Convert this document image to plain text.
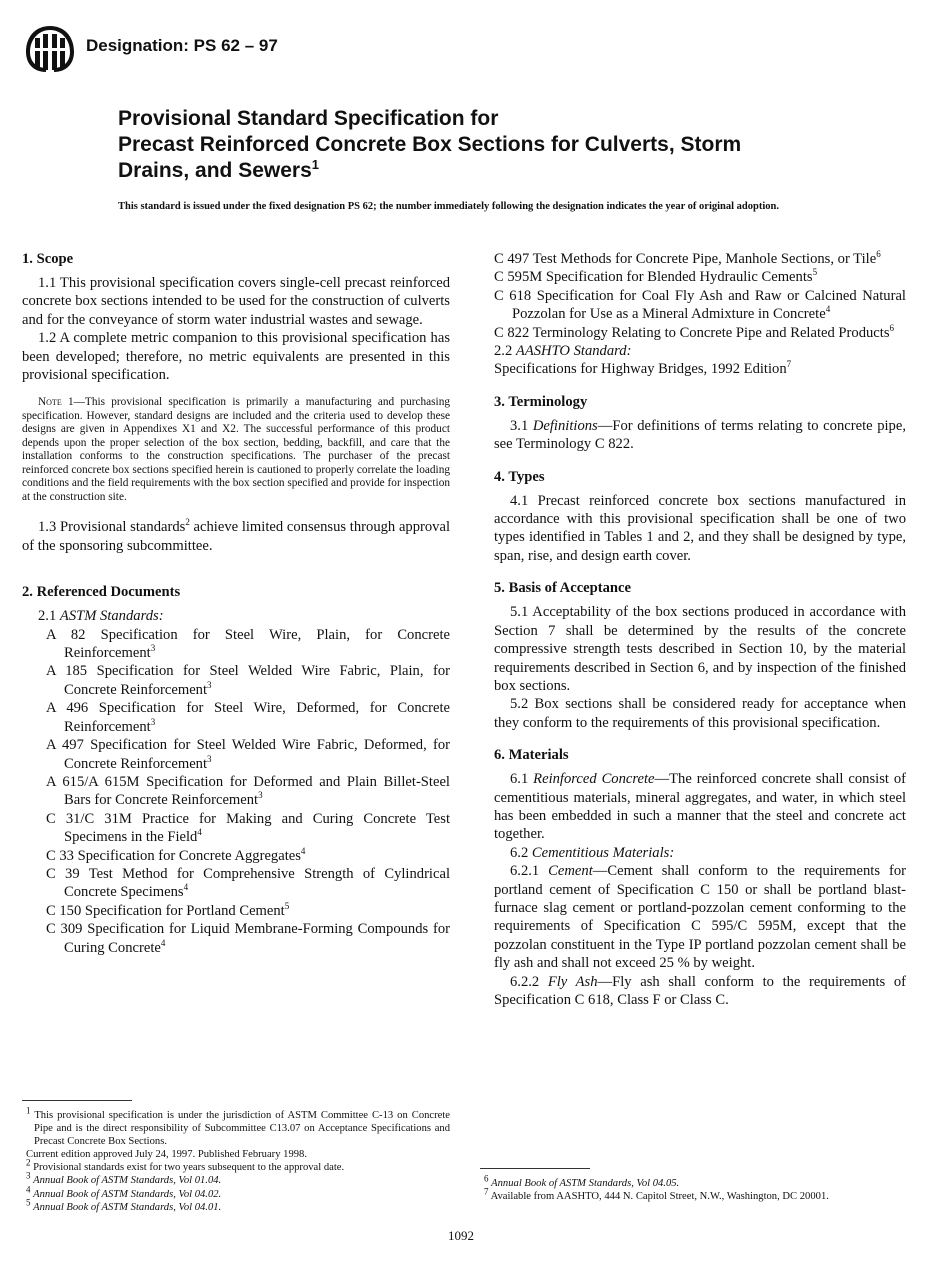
Designation: PS 62 – 97
Provisional Standard Specification for
Precast Reinforced Concrete Box Sections for Culverts, Storm
Drains, and Sewers$^1$
This standard is issued under the fixed designation PS 62; the number immediately following the designation indicates the year of original adoption.
1. Scope

1.1 This provisional specification covers single-cell precast reinforced concrete box sections intended to be used for the construction of culverts and for the conveyance of storm water industrial wastes and sewage.

1.2 A complete metric companion to this provisional specification has been developed; therefore, no metric equivalents are presented in this provisional specification.

Note 1—This provisional specification is primarily a manufacturing and purchasing specification. However, standard designs are included and the criteria used to develop these designs are given in Appendixes X1 and X2. The successful performance of this product depends upon the proper selection of the box section, bedding, backfill, and care that the installation conforms to the construction specifications. The purchaser of the precast reinforced concrete box sections specified herein is cautioned to properly correlate the loading conditions and the field requirements with the box section specified and provide for inspection at the construction site.

1.3 Provisional standards$^2$ achieve limited consensus through approval of the sponsoring subcommittee.

2. Referenced Documents

2.1 ASTM Standards:

A 82 Specification for Steel Wire, Plain, for Concrete Reinforcement$^3$

A 185 Specification for Steel Welded Wire Fabric, Plain, for Concrete Reinforcement$^3$

A 496 Specification for Steel Wire, Deformed, for Concrete Reinforcement$^3$

A 497 Specification for Steel Welded Wire Fabric, Deformed, for Concrete Reinforcement$^3$

A 615/A 615M Specification for Deformed and Plain Billet-Steel Bars for Concrete Reinforcement$^3$

C 31/C 31M Practice for Making and Curing Concrete Test Specimens in the Field$^4$

C 33 Specification for Concrete Aggregates$^4$

C 39 Test Method for Comprehensive Strength of Cylindrical Concrete Specimens$^4$

C 150 Specification for Portland Cement$^5$

C 309 Specification for Liquid Membrane-Forming Compounds for Curing Concrete$^4$

$^1$ This provisional specification is under the jurisdiction of ASTM Committee C-13 on Concrete Pipe and is the direct responsibility of Subcommittee C13.07 on Acceptance Specifications and Precast Concrete Box Sections.

Current edition approved July 24, 1997. Published February 1998.

$^2$ Provisional standards exist for two years subsequent to the approval date.

$^3$ Annual Book of ASTM Standards, Vol 01.04.

$^4$ Annual Book of ASTM Standards, Vol 04.02.

$^5$ Annual Book of ASTM Standards, Vol 04.01.

C 497 Test Methods for Concrete Pipe, Manhole Sections, or Tile$^6$

C 595M Specification for Blended Hydraulic Cements$^5$

C 618 Specification for Coal Fly Ash and Raw or Calcined Natural Pozzolan for Use as a Mineral Admixture in Concrete$^4$

C 822 Terminology Relating to Concrete Pipe and Related Products$^6$

2.2 AASHTO Standard:

Specifications for Highway Bridges, 1992 Edition$^7$

3. Terminology

3.1 Definitions—For definitions of terms relating to concrete pipe, see Terminology C 822.

4. Types

4.1 Precast reinforced concrete box sections manufactured in accordance with this provisional specification shall be one of two types identified in Tables 1 and 2, and they shall be designed by type, span, rise, and design earth cover.

5. Basis of Acceptance

5.1 Acceptability of the box sections produced in accordance with Section 7 shall be determined by the results of the concrete compressive strength tests described in Section 10, by the material requirements described in Section 6, and by inspection of the finished box sections.

5.2 Box sections shall be considered ready for acceptance when they conform to the requirements of this provisional specification.

6. Materials

6.1 Reinforced Concrete—The reinforced concrete shall consist of cementitious materials, mineral aggregates, and water, in which steel has been embedded in such a manner that the steel and concrete act together.

6.2 Cementitious Materials:

6.2.1 Cement—Cement shall conform to the requirements for portland cement of Specification C 150 or shall be portland blast-furnace slag cement or portland-pozzolan cement conforming to the requirements of Specification C 595/C 595M, except that the pozzolan constituent in the Type IP portland pozzolan cement shall be fly ash and shall not exceed 25 % by weight.

6.2.2 Fly Ash—Fly ash shall conform to the requirements of Specification C 618, Class F or Class C.

$^6$ Annual Book of ASTM Standards, Vol 04.05.

$^7$ Available from AASHTO, 444 N. Capitol Street, N.W., Washington, DC 20001.

1092
